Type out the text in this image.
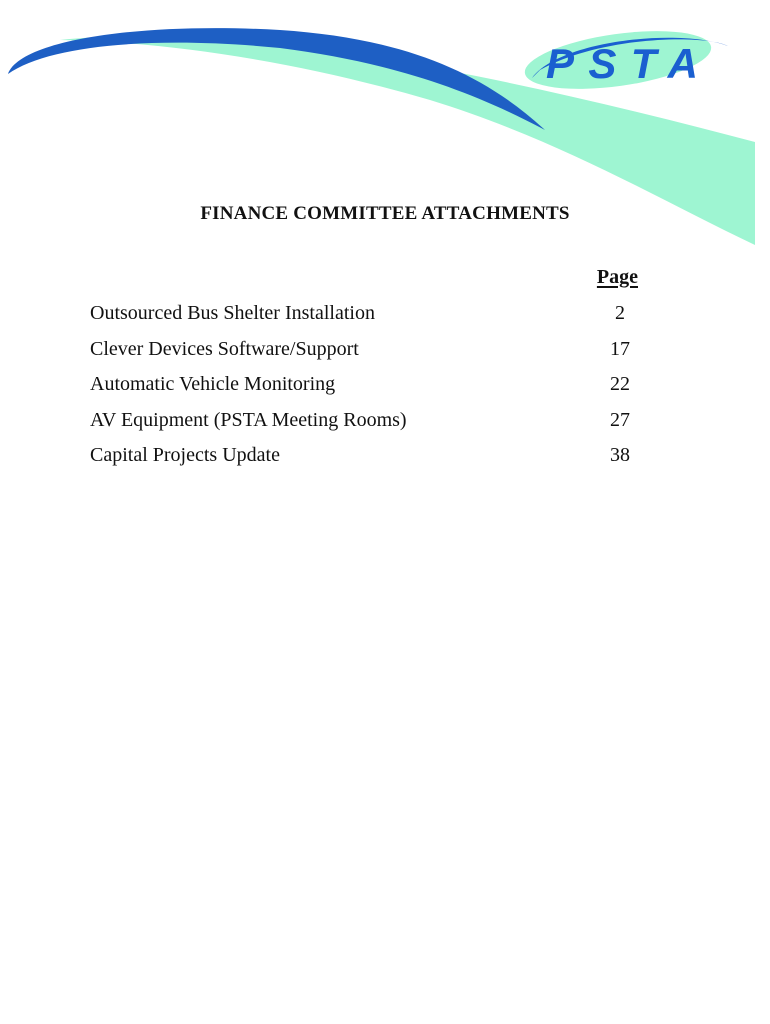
PSTA
FINANCE COMMITTEE ATTACHMENTS
Page
Outsourced Bus Shelter Installation	2
Clever Devices Software/Support	17
Automatic Vehicle Monitoring	22
AV Equipment (PSTA Meeting Rooms)	27
Capital Projects Update	38
